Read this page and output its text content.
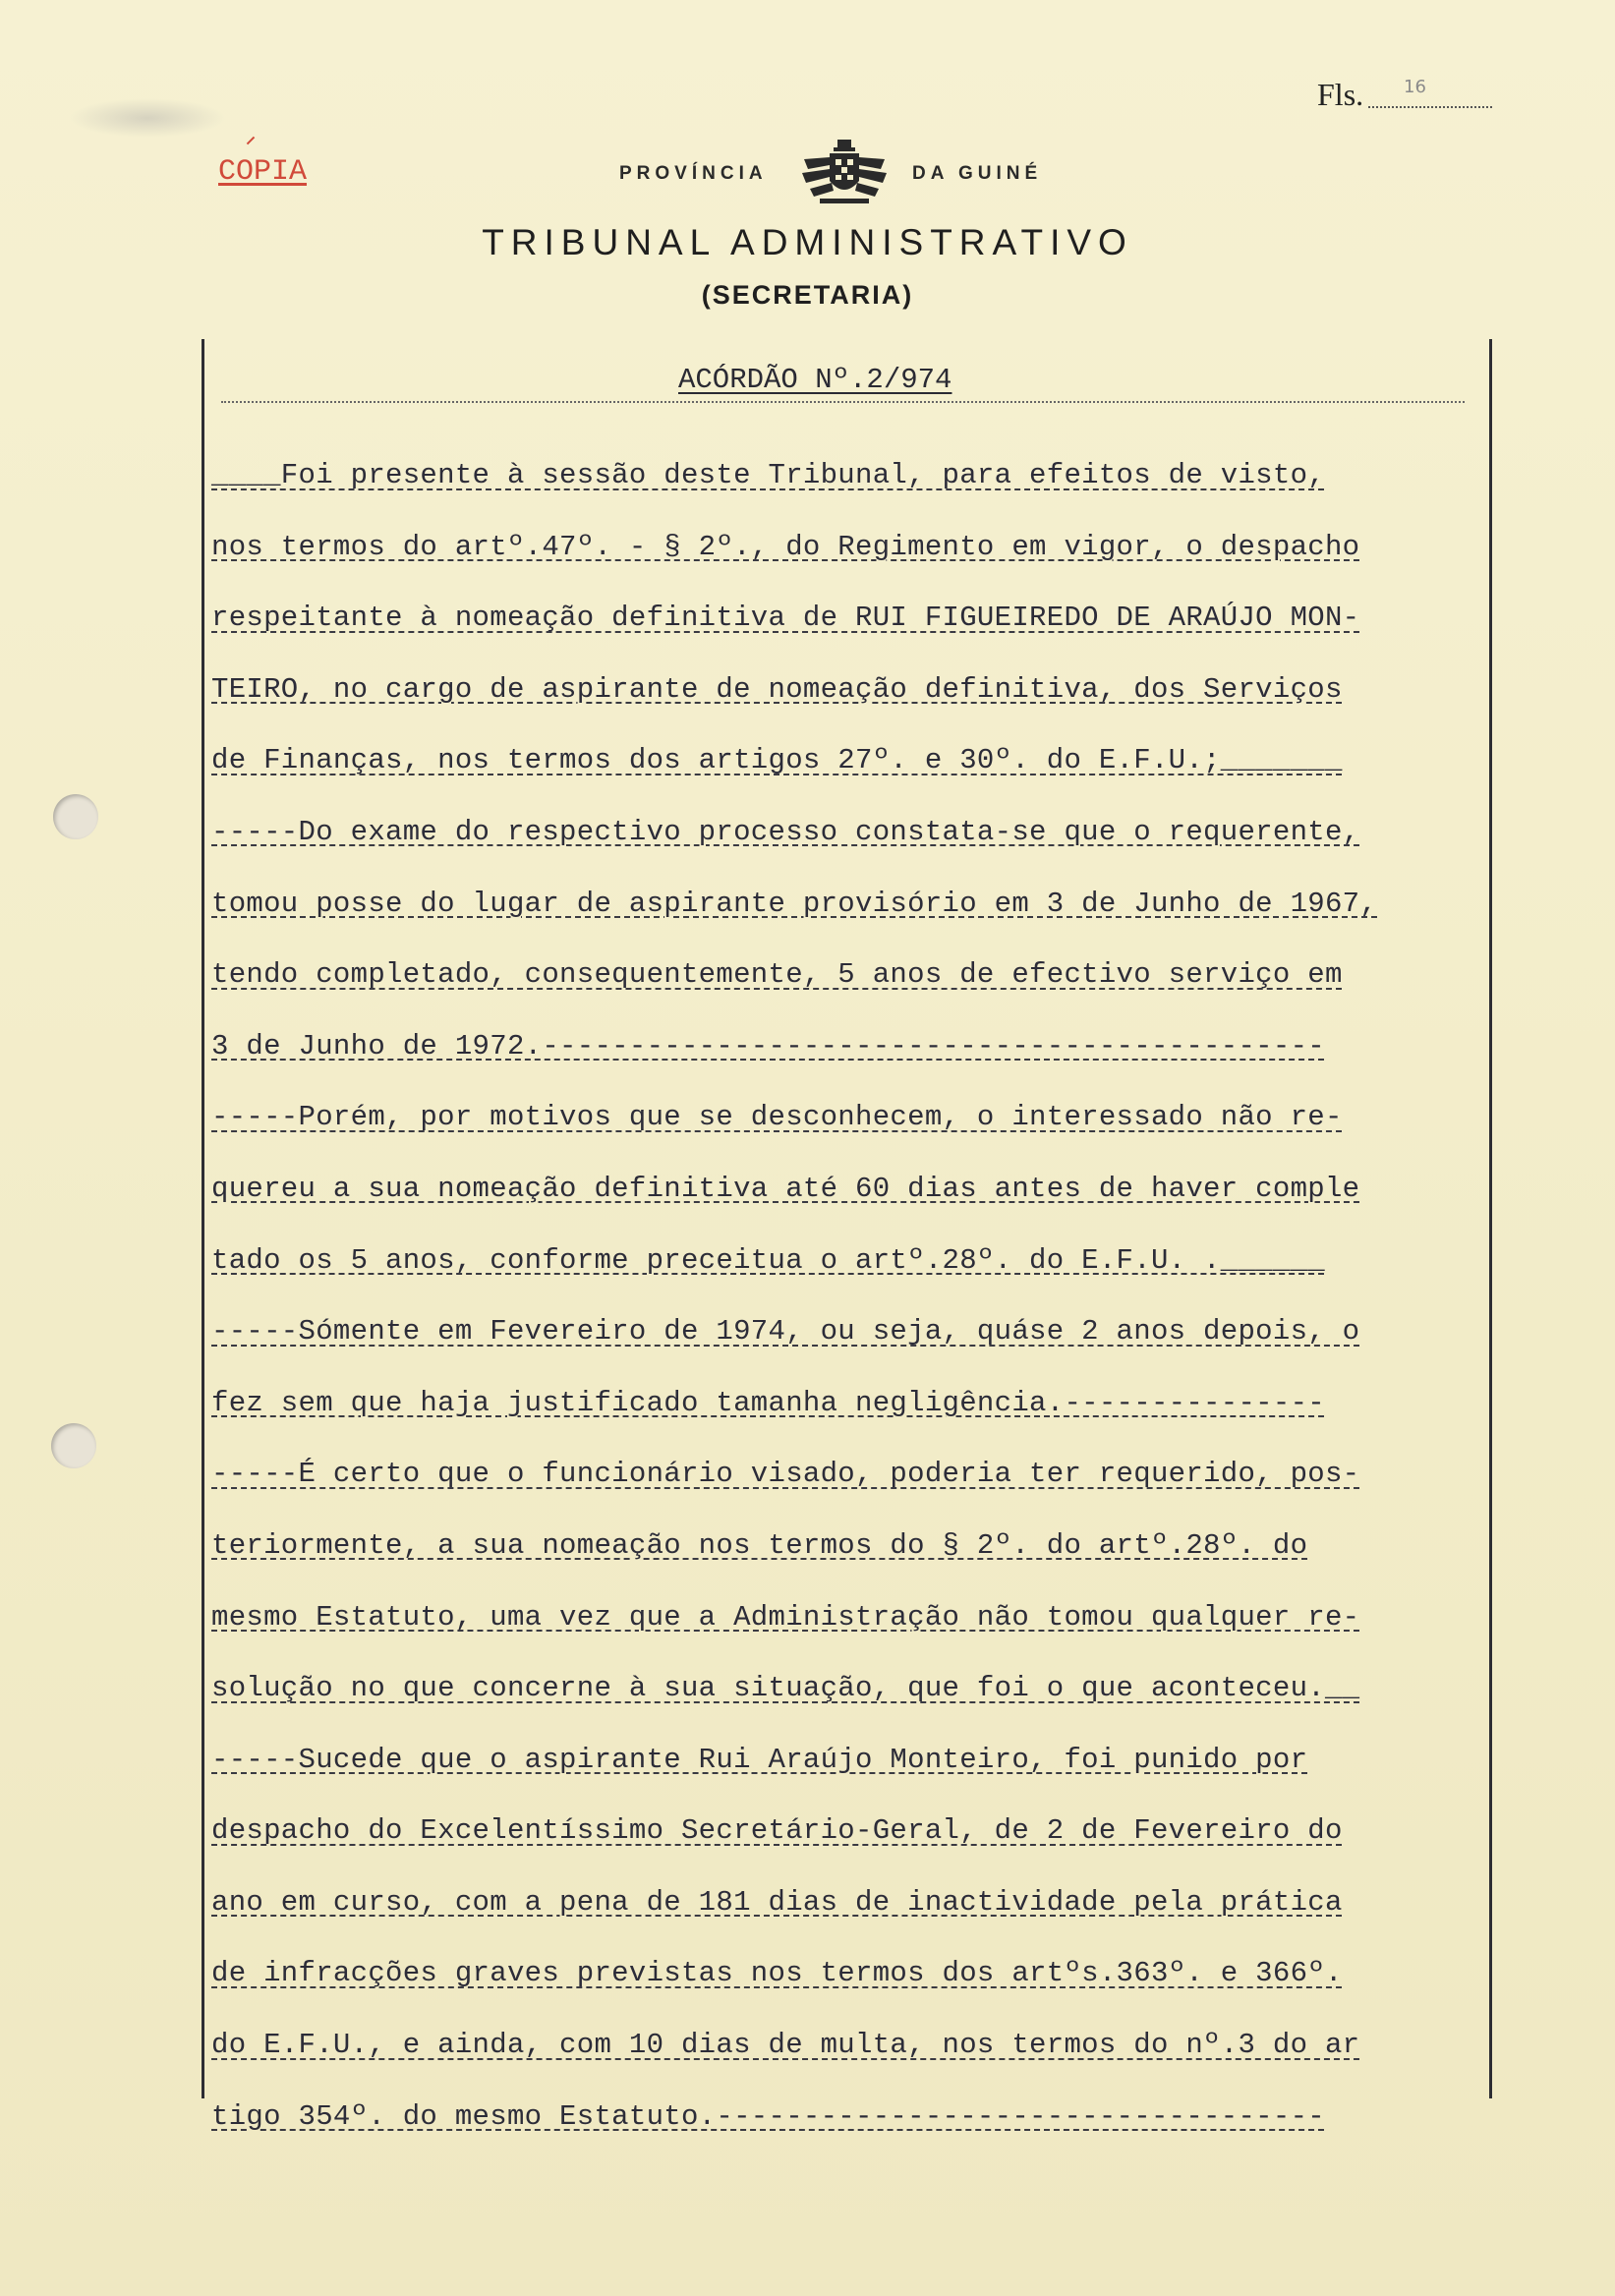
Fls. 16
COPIA	PROVÍNCIA	DA GUINÉ
TRIBUNAL ADMINISTRATIVO
(SECRETARIA)
ACÓRDÃO Nº.2/974
____Foi presente à sessão deste Tribunal, para efeitos de visto,
nos termos do artº.47º. - § 2º., do Regimento em vigor, o despacho
respeitante à nomeação definitiva de RUI FIGUEIREDO DE ARAÚJO MON-
TEIRO, no cargo de aspirante de nomeação definitiva, dos Serviços
de Finanças, nos termos dos artigos 27º. e 30º. do E.F.U.;_______
-----Do exame do respectivo processo constata-se que o requerente,
tomou posse do lugar de aspirante provisório em 3 de Junho de 1967,
tendo completado, consequentemente, 5 anos de efectivo serviço em
3 de Junho de 1972.---------------------------------------------
-----Porém, por motivos que se desconhecem, o interessado não re-
quereu a sua nomeação definitiva até 60 dias antes de haver comple
tado os 5 anos, conforme preceitua o artº.28º. do E.F.U. .______
-----Sómente em Fevereiro de 1974, ou seja, quáse 2 anos depois, o
fez sem que haja justificado tamanha negligência.---------------
-----É certo que o funcionário visado, poderia ter requerido, pos-
teriormente, a sua nomeação nos termos do § 2º. do artº.28º. do
mesmo Estatuto, uma vez que a Administração não tomou qualquer re-
solução no que concerne à sua situação, que foi o que aconteceu.__
-----Sucede que o aspirante Rui Araújo Monteiro, foi punido por
despacho do Excelentíssimo Secretário-Geral, de 2 de Fevereiro do
ano em curso, com a pena de 181 dias de inactividade pela prática
de infracções graves previstas nos termos dos artºs.363º. e 366º.
do E.F.U., e ainda, com 10 dias de multa, nos termos do nº.3 do ar
tigo 354º. do mesmo Estatuto.-----------------------------------
